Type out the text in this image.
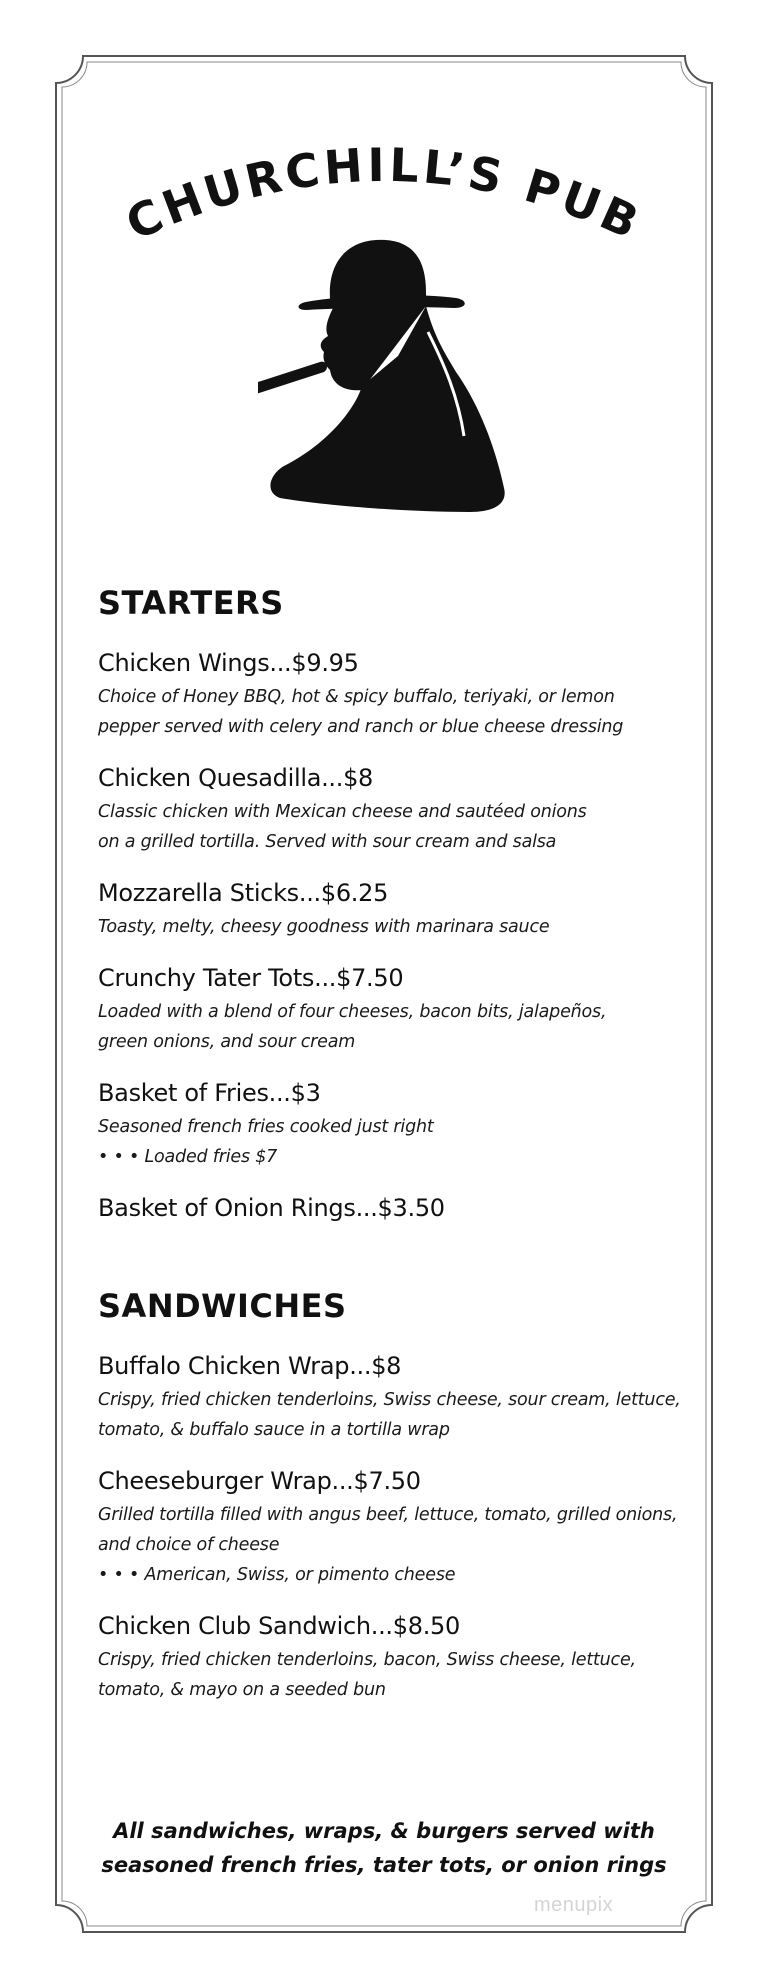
CHURCHILL’S PUB
STARTERS
Chicken Wings...$9.95

Choice of Honey BBQ, hot & spicy buffalo, teriyaki, or lemon

pepper served with celery and ranch or blue cheese dressing

Chicken Quesadilla...$8

Classic chicken with Mexican cheese and sautéed onions

on a grilled tortilla. Served with sour cream and salsa

Mozzarella Sticks...$6.25

Toasty, melty, cheesy goodness with marinara sauce

Crunchy Tater Tots...$7.50

Loaded with a blend of four cheeses, bacon bits, jalapeños,

green onions, and sour cream

Basket of Fries...$3

Seasoned french fries cooked just right

• • • Loaded fries $7

Basket of Onion Rings...$3.50
SANDWICHES
Buffalo Chicken Wrap...$8

Crispy, fried chicken tenderloins, Swiss cheese, sour cream, lettuce,

tomato, & buffalo sauce in a tortilla wrap

Cheeseburger Wrap...$7.50

Grilled tortilla filled with angus beef, lettuce, tomato, grilled onions,

and choice of cheese

• • • American, Swiss, or pimento cheese

Chicken Club Sandwich...$8.50

Crispy, fried chicken tenderloins, bacon, Swiss cheese, lettuce,

tomato, & mayo on a seeded bun

All sandwiches, wraps, & burgers served with

seasoned french fries, tater tots, or onion rings

menupix
